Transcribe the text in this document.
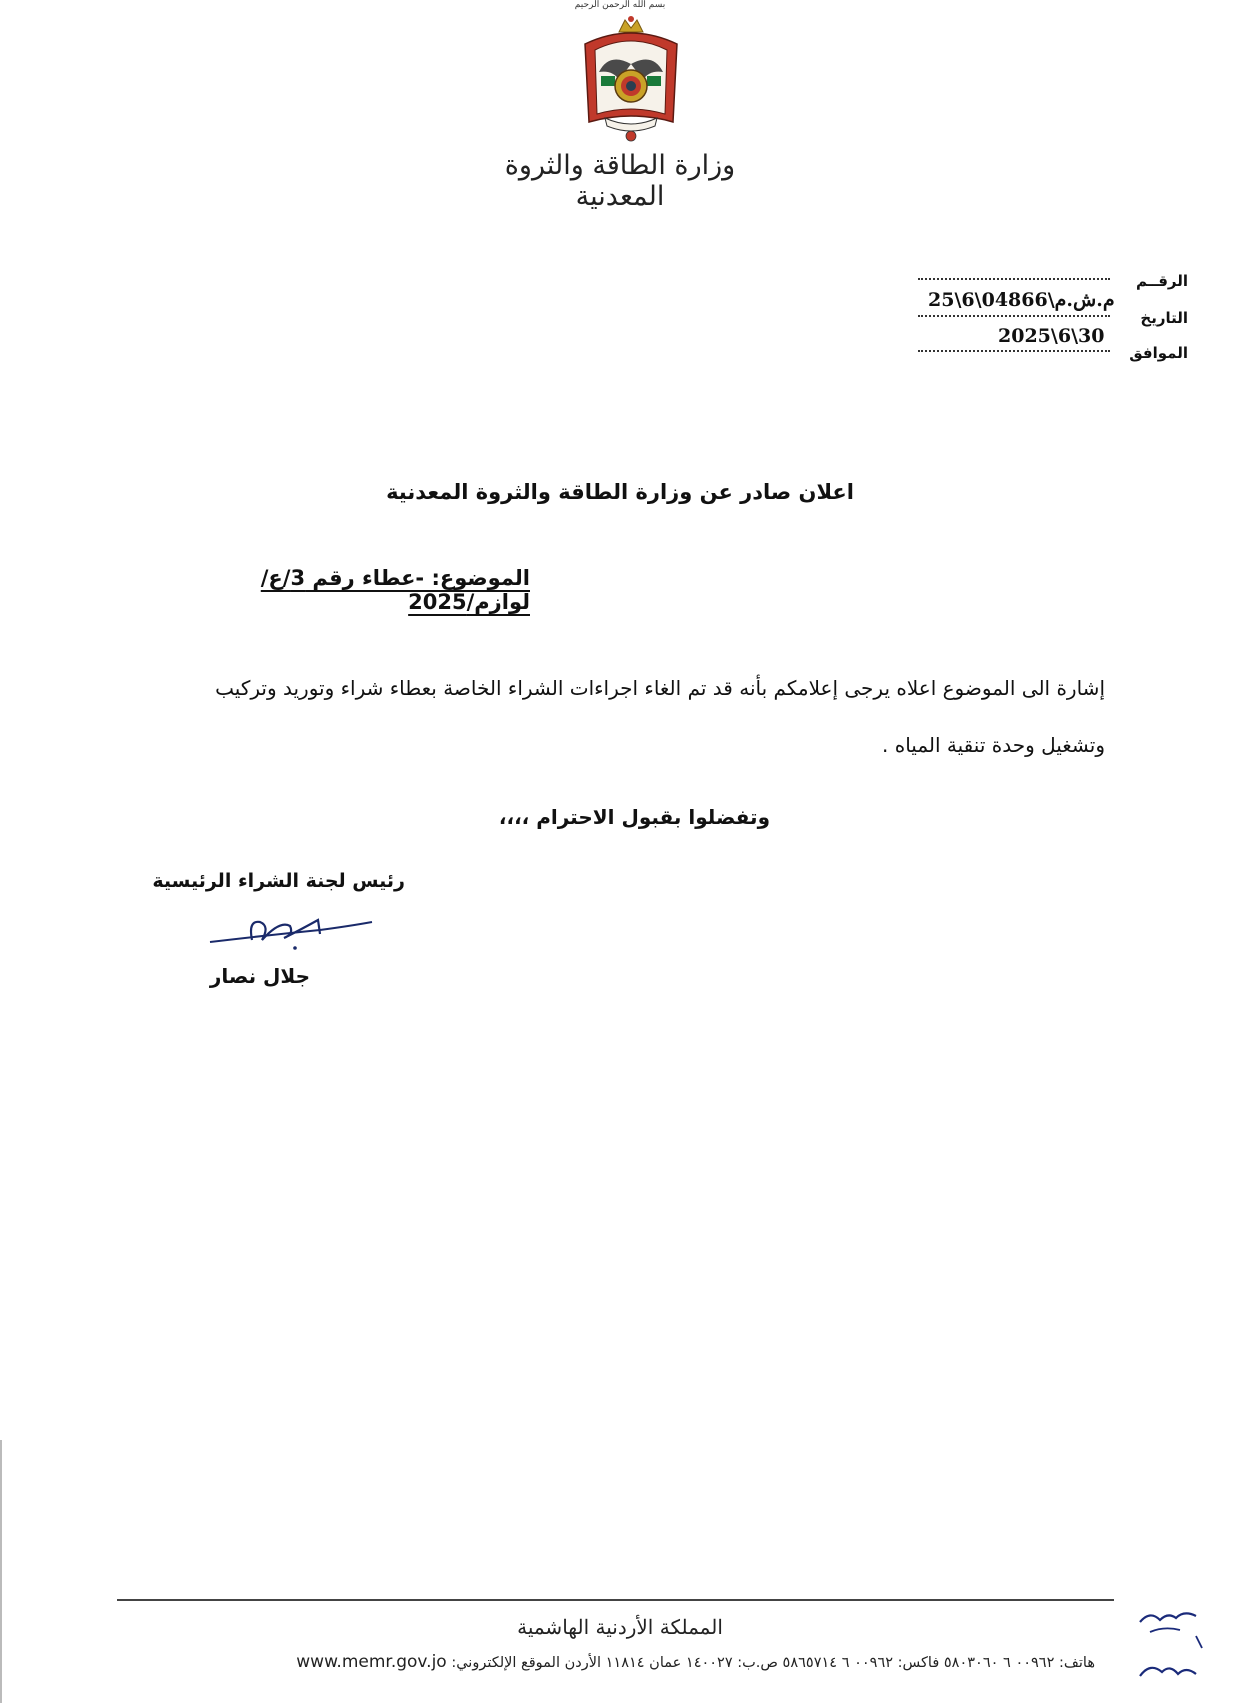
بسم الله الرحمن الرحيم
وزارة الطاقة والثروة المعدنية
الرقــم
التاريخ
م.ش.م\04866\6\25
الموافق
30\6\2025
اعلان صادر عن وزارة الطاقة والثروة المعدنية
الموضوع: -عطاء رقم 3/ع/لوازم/2025
إشارة الى الموضوع اعلاه يرجى إعلامكم بأنه قد تم الغاء اجراءات الشراء الخاصة بعطاء شراء وتوريد وتركيب وتشغيل وحدة تنقية المياه .
وتفضلوا بقبول الاحترام ،،،،
رئيس لجنة الشراء الرئيسية
جلال نصار
المملكة الأردنية الهاشمية
هاتف: ٠٠٩٦٢ ٦ ٥٨٠٣٠٦٠ فاكس: ٠٠٩٦٢ ٦ ٥٨٦٥٧١٤ ص.ب: ١٤٠٠٢٧ عمان ١١٨١٤ الأردن الموقع الإلكتروني: www.memr.gov.jo
